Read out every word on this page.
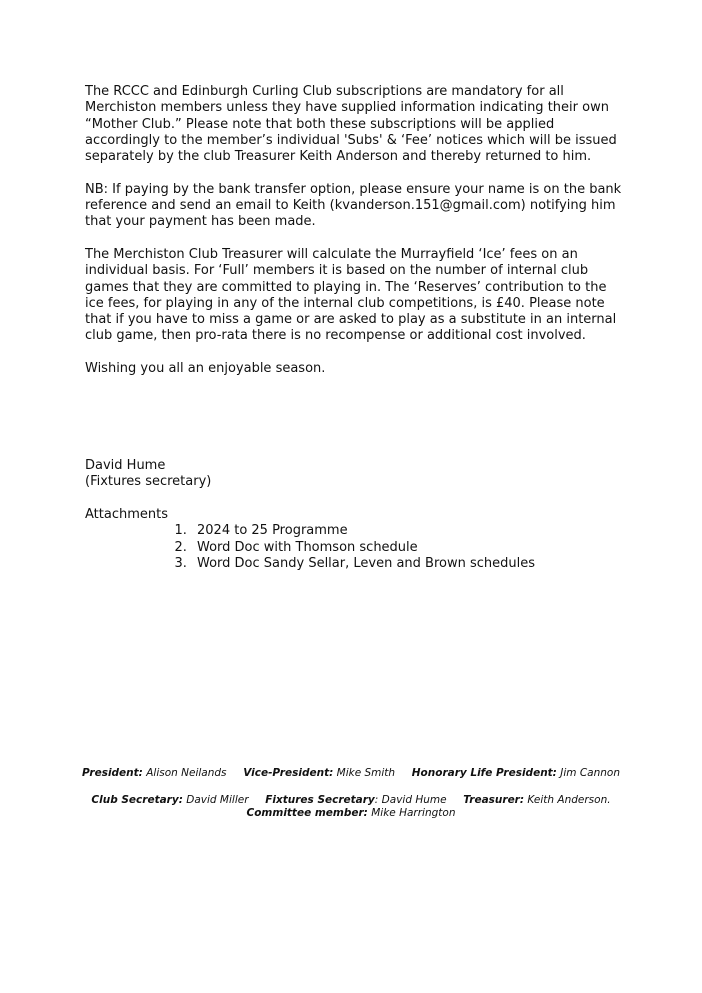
The RCCC and Edinburgh Curling Club subscriptions are mandatory for all Merchiston members unless they have supplied information indicating their own “Mother Club.” Please note that both these subscriptions will be applied accordingly to the member’s individual 'Subs' & ‘Fee’ notices which will be issued separately by the club Treasurer Keith Anderson and thereby returned to him.

NB: If paying by the bank transfer option, please ensure your name is on the bank reference and send an email to Keith (kvanderson.151@gmail.com) notifying him that your payment has been made.

The Merchiston Club Treasurer will calculate the Murrayfield ‘Ice’ fees on an individual basis. For ‘Full’ members it is based on the number of internal club games that they are committed to playing in. The ‘Reserves’ contribution to the ice fees, for playing in any of the internal club competitions, is £40. Please note that if you have to miss a game or are asked to play as a substitute in an internal club game, then pro-rata there is no recompense or additional cost involved.

Wishing you all an enjoyable season.

David Hume
(Fixtures secretary)
Attachments
1. 2024 to 25 Programme
2. Word Doc with Thomson schedule
3. Word Doc Sandy Sellar, Leven and Brown schedules
President: Alison Neilands Vice-President: Mike Smith Honorary Life President: Jim Cannon
Club Secretary: David Miller Fixtures Secretary: David Hume Treasurer: Keith Anderson.
Committee member: Mike Harrington
